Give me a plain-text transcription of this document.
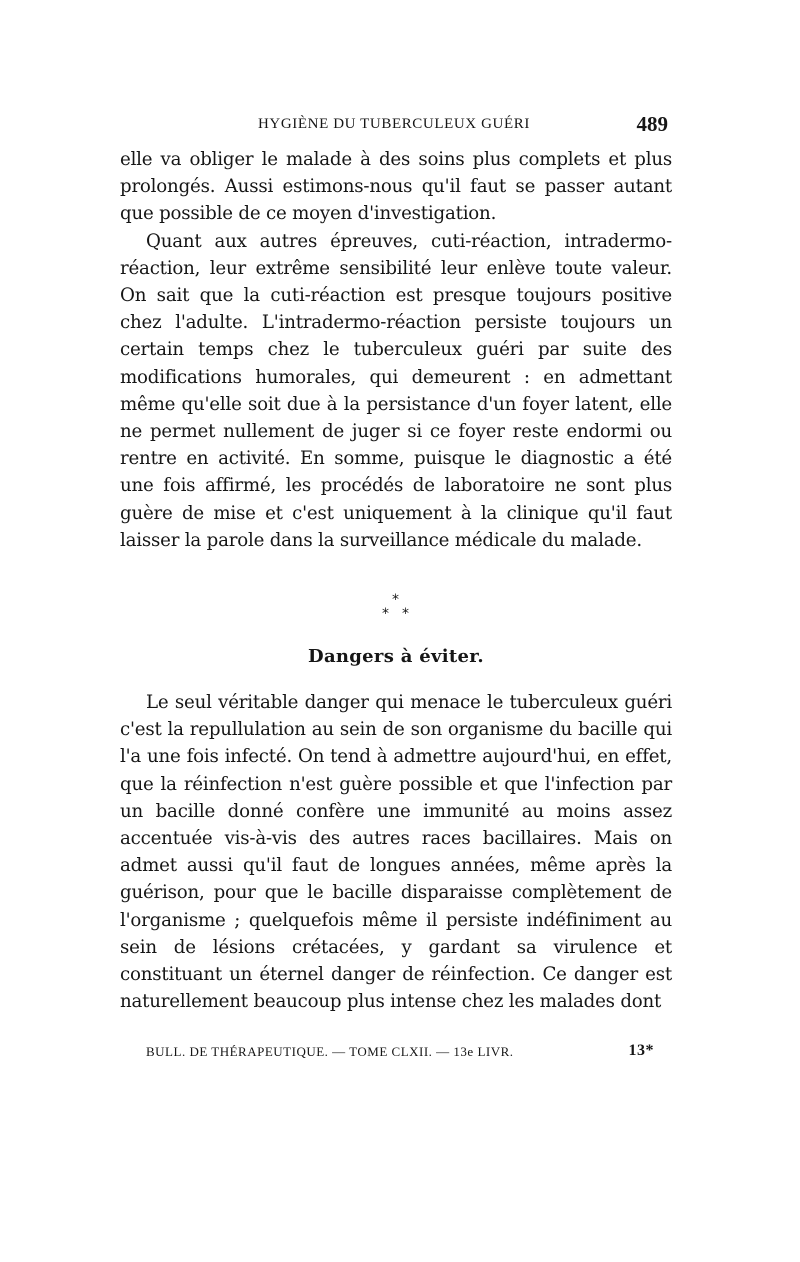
HYGIÈNE DU TUBERCULEUX GUÉRI	489

elle va obliger le malade à des soins plus complets et plus prolongés. Aussi estimons-nous qu'il faut se passer autant que possible de ce moyen d'investigation.

Quant aux autres épreuves, cuti-réaction, intradermo-réaction, leur extrême sensibilité leur enlève toute valeur. On sait que la cuti-réaction est presque toujours positive chez l'adulte. L'intradermo-réaction persiste toujours un certain temps chez le tuberculeux guéri par suite des modifications humorales, qui demeurent : en admettant même qu'elle soit due à la persistance d'un foyer latent, elle ne permet nullement de juger si ce foyer reste endormi ou rentre en activité. En somme, puisque le diagnostic a été une fois affirmé, les procédés de laboratoire ne sont plus guère de mise et c'est uniquement à la clinique qu'il faut laisser la parole dans la surveillance médicale du malade.

*
* *
Dangers à éviter.

Le seul véritable danger qui menace le tuberculeux guéri c'est la repullulation au sein de son organisme du bacille qui l'a une fois infecté. On tend à admettre aujourd'hui, en effet, que la réinfection n'est guère possible et que l'infection par un bacille donné confère une immunité au moins assez accentuée vis-à-vis des autres races bacillaires. Mais on admet aussi qu'il faut de longues années, même après la guérison, pour que le bacille disparaisse complètement de l'organisme ; quelquefois même il persiste indéfiniment au sein de lésions crétacées, y gardant sa virulence et constituant un éternel danger de réinfection. Ce danger est naturellement beaucoup plus intense chez les malades dont

BULL. DE THÉRAPEUTIQUE. — TOME CLXII. — 13e LIVR.	13*
